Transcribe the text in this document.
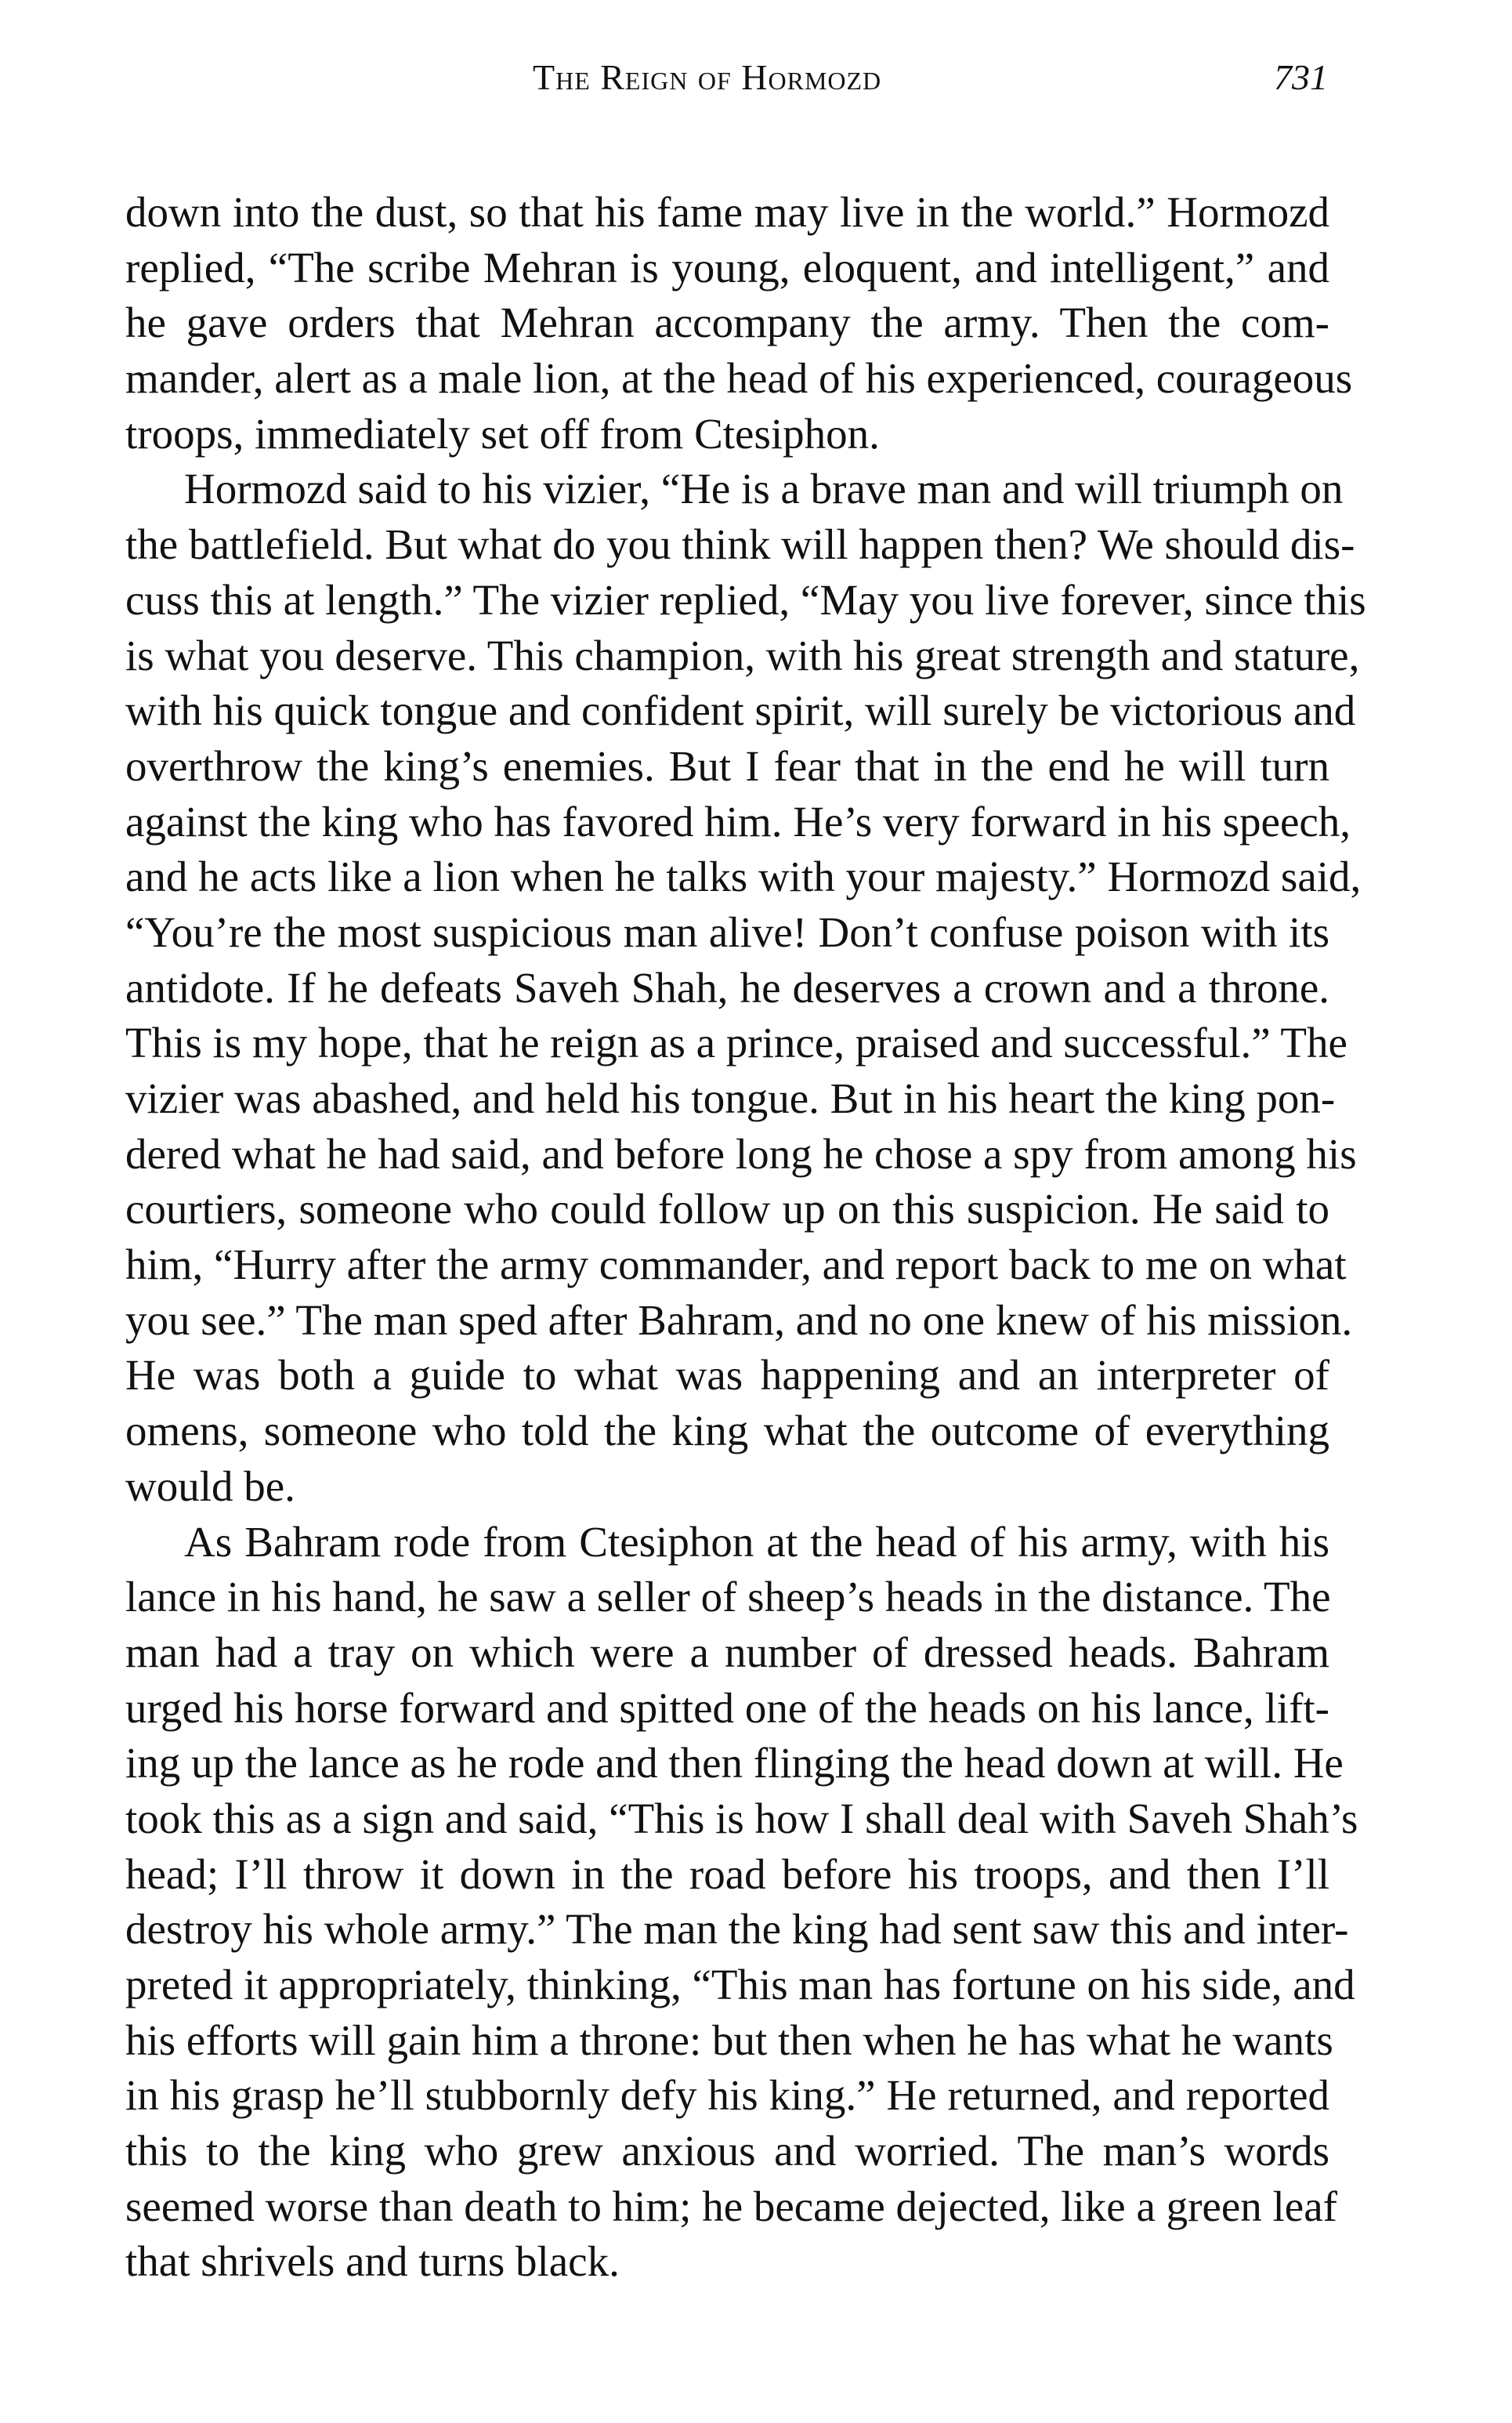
The Reign of Hormozd	731

down into the dust, so that his fame may live in the world.” Hormozd
replied, “The scribe Mehran is young, eloquent, and intelligent,” and
he gave orders that Mehran accompany the army. Then the com-
mander, alert as a male lion, at the head of his experienced, courageous
troops, immediately set off from Ctesiphon.

Hormozd said to his vizier, “He is a brave man and will triumph on
the battlefield. But what do you think will happen then? We should dis-
cuss this at length.” The vizier replied, “May you live forever, since this
is what you deserve. This champion, with his great strength and stature,
with his quick tongue and confident spirit, will surely be victorious and
overthrow the king’s enemies. But I fear that in the end he will turn
against the king who has favored him. He’s very forward in his speech,
and he acts like a lion when he talks with your majesty.” Hormozd said,
“You’re the most suspicious man alive! Don’t confuse poison with its
antidote. If he defeats Saveh Shah, he deserves a crown and a throne.
This is my hope, that he reign as a prince, praised and successful.” The
vizier was abashed, and held his tongue. But in his heart the king pon-
dered what he had said, and before long he chose a spy from among his
courtiers, someone who could follow up on this suspicion. He said to
him, “Hurry after the army commander, and report back to me on what
you see.” The man sped after Bahram, and no one knew of his mission.
He was both a guide to what was happening and an interpreter of
omens, someone who told the king what the outcome of everything
would be.

As Bahram rode from Ctesiphon at the head of his army, with his
lance in his hand, he saw a seller of sheep’s heads in the distance. The
man had a tray on which were a number of dressed heads. Bahram
urged his horse forward and spitted one of the heads on his lance, lift-
ing up the lance as he rode and then flinging the head down at will. He
took this as a sign and said, “This is how I shall deal with Saveh Shah’s
head; I’ll throw it down in the road before his troops, and then I’ll
destroy his whole army.” The man the king had sent saw this and inter-
preted it appropriately, thinking, “This man has fortune on his side, and
his efforts will gain him a throne: but then when he has what he wants
in his grasp he’ll stubbornly defy his king.” He returned, and reported
this to the king who grew anxious and worried. The man’s words
seemed worse than death to him; he became dejected, like a green leaf
that shrivels and turns black.
